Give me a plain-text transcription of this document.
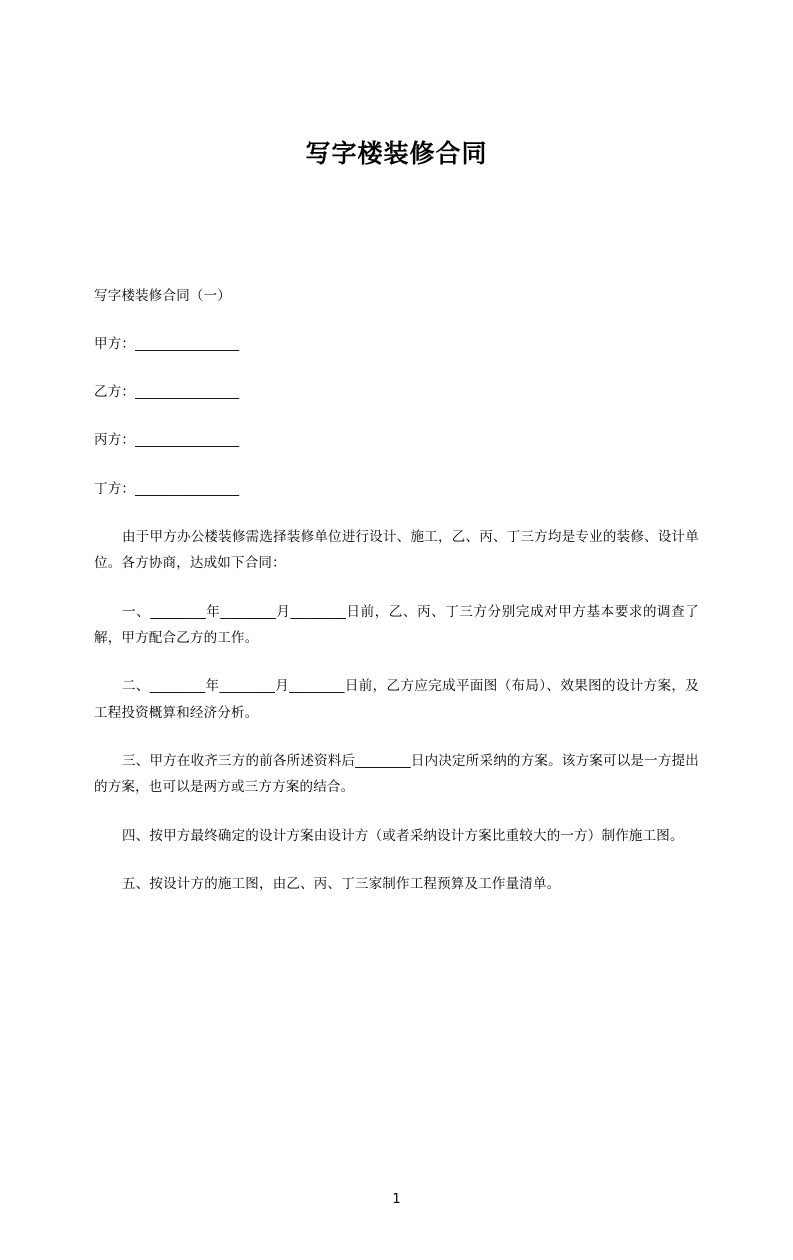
写字楼装修合同

写字楼装修合同（一）

甲方：_______________

乙方：_______________

丙方：_______________

丁方：_______________

由于甲方办公楼装修需选择装修单位进行设计、施工，乙、丙、丁三方均是专业的装修、设计单位。各方协商，达成如下合同：

一、________年________月________日前，乙、丙、丁三方分别完成对甲方基本要求的调查了解，甲方配合乙方的工作。

二、________年________月________日前，乙方应完成平面图（布局）、效果图的设计方案，及工程投资概算和经济分析。

三、甲方在收齐三方的前各所述资料后________日内决定所采纳的方案。该方案可以是一方提出的方案，也可以是两方或三方方案的结合。

四、按甲方最终确定的设计方案由设计方（或者采纳设计方案比重较大的一方）制作施工图。

五、按设计方的施工图，由乙、丙、丁三家制作工程预算及工作量清单。

1
